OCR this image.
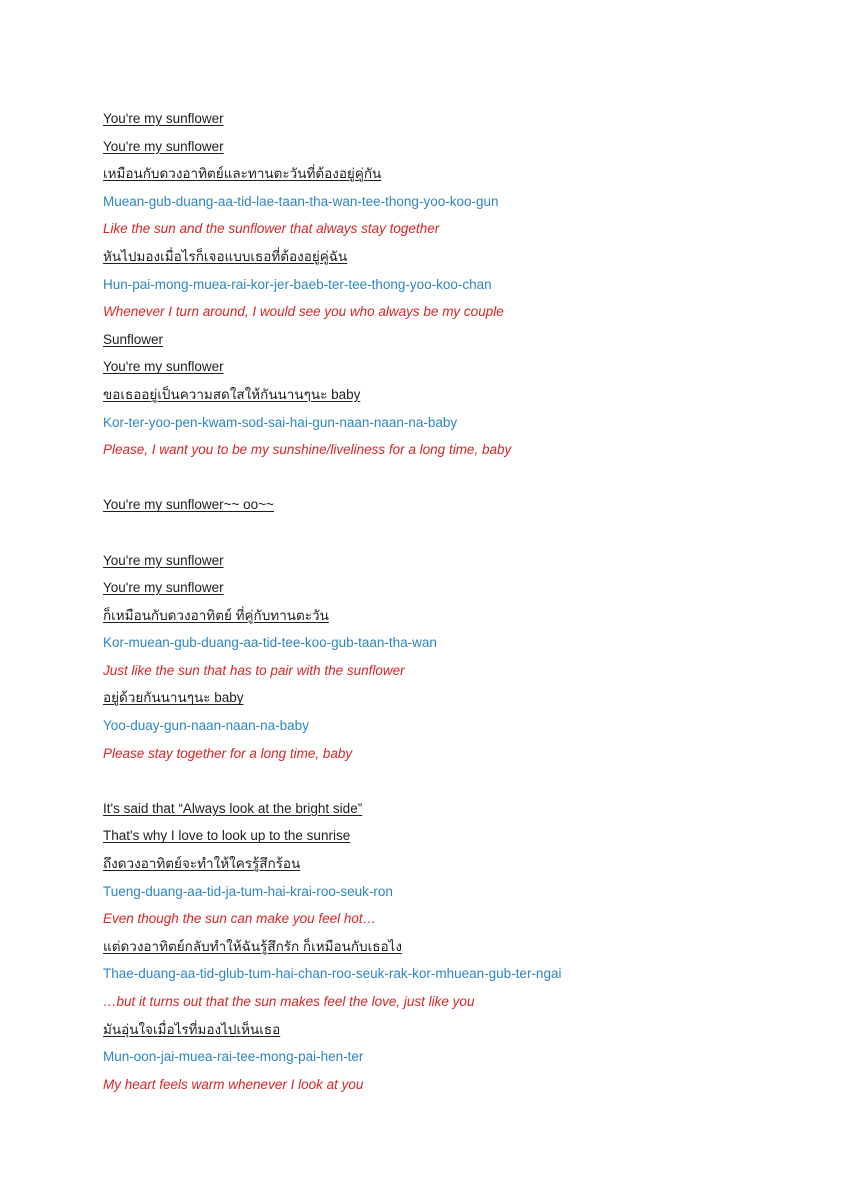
You're my sunflower
You're my sunflower
เหมือนกับดวงอาทิตย์และทานตะวันที่ต้องอยู่คู่กัน
Muean-gub-duang-aa-tid-lae-taan-tha-wan-tee-thong-yoo-koo-gun
Like the sun and the sunflower that always stay together
หันไปมองเมื่อไรก็เจอแบบเธอที่ต้องอยู่คู่ฉัน
Hun-pai-mong-muea-rai-kor-jer-baeb-ter-tee-thong-yoo-koo-chan
Whenever I turn around, I would see you who always be my couple
Sunflower
You're my sunflower
ขอเธออยู่เป็นความสดใสให้กันนานๆนะ baby
Kor-ter-yoo-pen-kwam-sod-sai-hai-gun-naan-naan-na-baby
Please, I want you to be my sunshine/liveliness for a long time, baby
You're my sunflower~~ oo~~
You're my sunflower
You're my sunflower
ก็เหมือนกับดวงอาทิตย์ ที่คู่กับทานตะวัน
Kor-muean-gub-duang-aa-tid-tee-koo-gub-taan-tha-wan
Just like the sun that has to pair with the sunflower
อยู่ด้วยกันนานๆนะ baby
Yoo-duay-gun-naan-naan-na-baby
Please stay together for a long time, baby
It's said that “Always look at the bright side”
That's why I love to look up to the sunrise
ถึงดวงอาทิตย์จะทำให้ใครรู้สึกร้อน
Tueng-duang-aa-tid-ja-tum-hai-krai-roo-seuk-ron
Even though the sun can make you feel hot…
แต่ดวงอาทิตย์กลับทำให้ฉันรู้สึกรัก ก็เหมือนกับเธอไง
Thae-duang-aa-tid-glub-tum-hai-chan-roo-seuk-rak-kor-mhuean-gub-ter-ngai
…but it turns out that the sun makes feel the love, just like you
มันอุ่นใจเมื่อไรที่มองไปเห็นเธอ
Mun-oon-jai-muea-rai-tee-mong-pai-hen-ter
My heart feels warm whenever I look at you
